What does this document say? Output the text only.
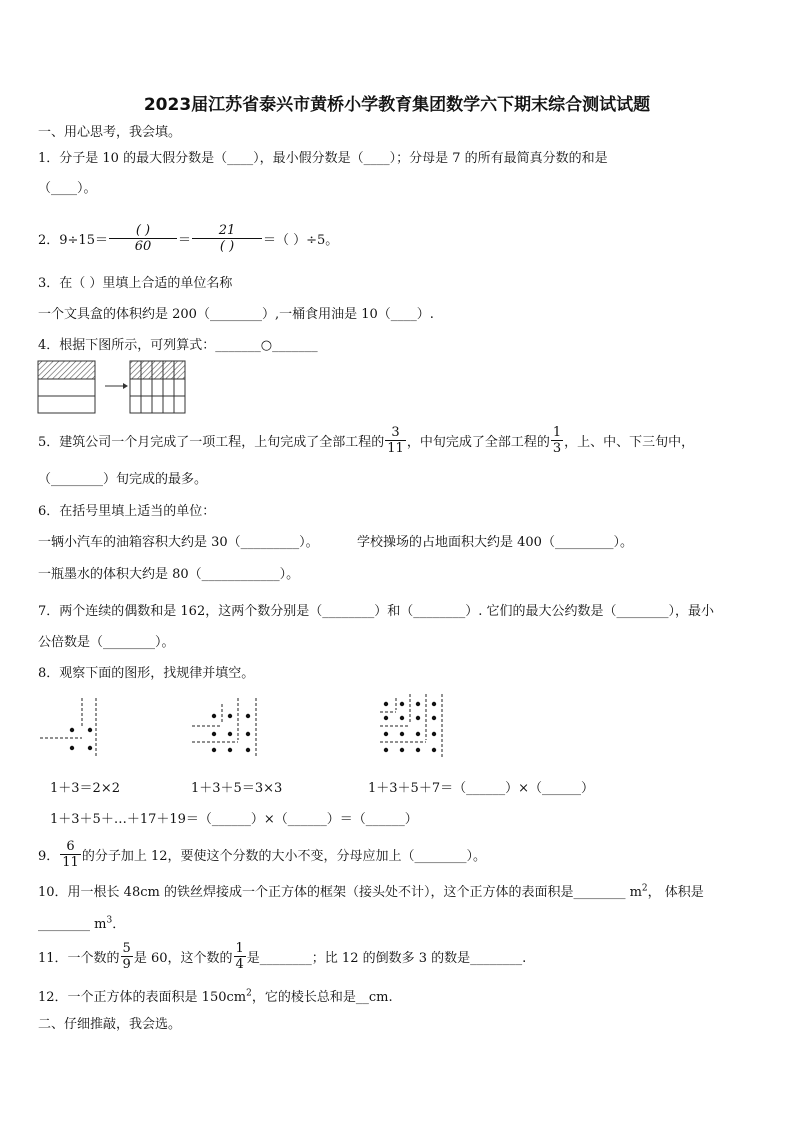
2023届江苏省泰兴市黄桥小学教育集团数学六下期末综合测试试题
一、用心思考，我会填。
1．分子是 10 的最大假分数是（____），最小假分数是（____）；分母是 7 的所有最简真分数的和是
（____）。
2．$9\div 15= \frac{( )}{60} = \frac{21}{( )}$ ＝（ ）÷5。
3．在（ ）里填上合适的单位名称
一个文具盒的体积约是 200（________）,一桶食用油是 10（____）.
4．根据下图所示，可列算式：_______○_______
5．建筑公司一个月完成了一项工程，上旬完成了全部工程的 $\frac{3}{11}$ ，中旬完成了全部工程的 $\frac{1}{3}$ ，上、中、下三旬中，
（________）旬完成的最多。
6．在括号里填上适当的单位：
一辆小汽车的油箱容积大约是 30（_________）。	学校操场的占地面积大约是 400（_________）。
一瓶墨水的体积大约是 80（____________）。
7．两个连续的偶数和是 162，这两个数分别是（________）和（________）. 它们的最大公约数是（________），最小
公倍数是（________）。
8．观察下面的图形，找规律并填空。
1＋3＝2×2	1＋3＋5＝3×3	1＋3＋5＋7＝（______）×（______）
1＋3＋5＋…＋17＋19＝（______）×（______）＝（______）
9． $\frac{6}{11}$ 的分子加上 12，要使这个分数的大小不变，分母应加上（________）。
10．用一根长 48cm 的铁丝焊接成一个正方体的框架（接头处不计），这个正方体的表面积是________ $m^2$， 体积是
________ $m^3$．
11．一个数的 $\frac{5}{9}$ 是 60，这个数的 $\frac{1}{4}$ 是________；比 12 的倒数多 3 的数是________.
12．一个正方体的表面积是 $150cm^2$，它的棱长总和是__cm.
二、仔细推敲，我会选。
